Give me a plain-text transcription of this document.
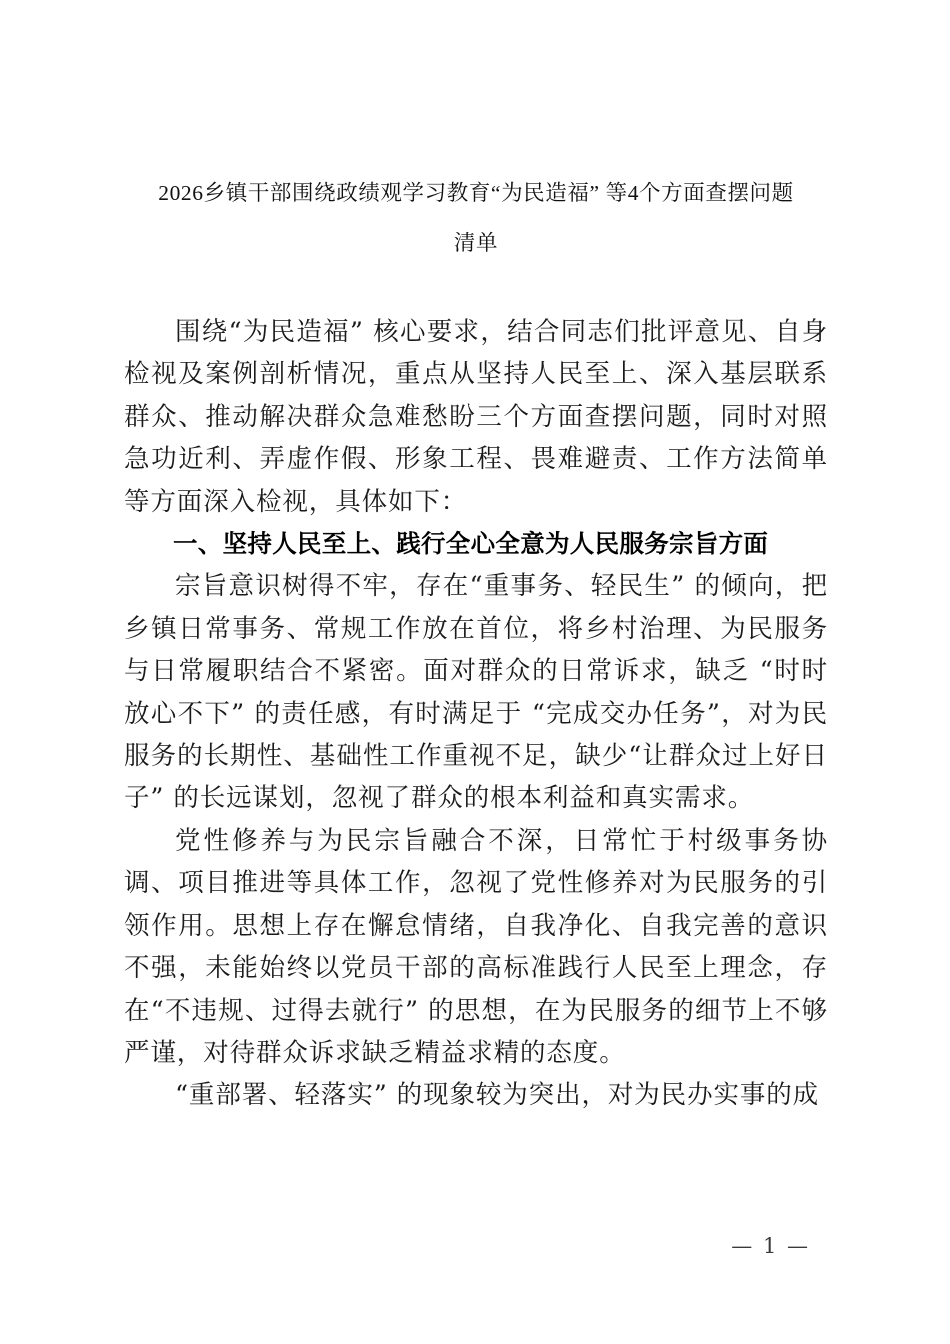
2026乡镇干部围绕政绩观学习教育“为民造福” 等4个方面查摆问题
清单

围绕“为民造福” 核心要求，结合同志们批评意见、自身检视及案例剖析情况，重点从坚持人民至上、深入基层联系群众、推动解决群众急难愁盼三个方面查摆问题，同时对照急功近利、弄虚作假、形象工程、畏难避责、工作方法简单等方面深入检视，具体如下：

一、坚持人民至上、践行全心全意为人民服务宗旨方面

宗旨意识树得不牢，存在“重事务、轻民生” 的倾向，把乡镇日常事务、常规工作放在首位，将乡村治理、为民服务与日常履职结合不紧密。面对群众的日常诉求，缺乏 “时时放心不下” 的责任感，有时满足于 “完成交办任务”，对为民服务的长期性、基础性工作重视不足，缺少“让群众过上好日子” 的长远谋划，忽视了群众的根本利益和真实需求。

党性修养与为民宗旨融合不深，日常忙于村级事务协调、项目推进等具体工作，忽视了党性修养对为民服务的引领作用。思想上存在懈怠情绪，自我净化、自我完善的意识不强，未能始终以党员干部的高标准践行人民至上理念，存在“不违规、过得去就行” 的思想，在为民服务的细节上不够严谨，对待群众诉求缺乏精益求精的态度。

“重部署、轻落实” 的现象较为突出，对为民办实事的成

— 1 —
